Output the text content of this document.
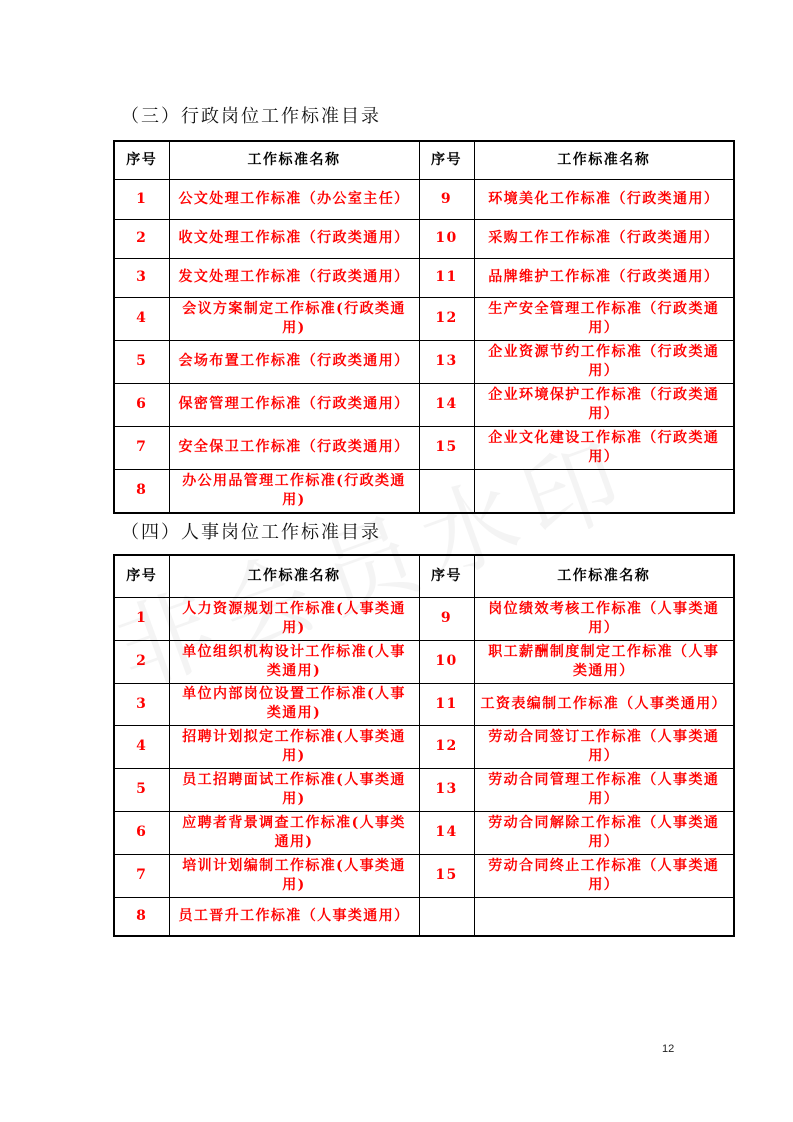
（三）行政岗位工作标准目录
序号	工作标准名称	序号	工作标准名称
1	公文处理工作标准（办公室主任）	9	环境美化工作标准（行政类通用）
2	收文处理工作标准（行政类通用）	10	采购工作工作标准（行政类通用）
3	发文处理工作标准（行政类通用）	11	品牌维护工作标准（行政类通用）
4	会议方案制定工作标准(行政类通用)	12	生产安全管理工作标准（行政类通用）
5	会场布置工作标准（行政类通用）	13	企业资源节约工作标准（行政类通用）
6	保密管理工作标准（行政类通用）	14	企业环境保护工作标准（行政类通用）
7	安全保卫工作标准（行政类通用）	15	企业文化建设工作标准（行政类通用）
8	办公用品管理工作标准(行政类通用)		
（四）人事岗位工作标准目录
序号	工作标准名称	序号	工作标准名称
1	人力资源规划工作标准(人事类通用)	9	岗位绩效考核工作标准（人事类通用）
2	单位组织机构设计工作标准(人事类通用)	10	职工薪酬制度制定工作标准（人事类通用）
3	单位内部岗位设置工作标准(人事类通用)	11	工资表编制工作标准（人事类通用）
4	招聘计划拟定工作标准(人事类通用)	12	劳动合同签订工作标准（人事类通用）
5	员工招聘面试工作标准(人事类通用)	13	劳动合同管理工作标准（人事类通用）
6	应聘者背景调查工作标准(人事类通用)	14	劳动合同解除工作标准（人事类通用）
7	培训计划编制工作标准(人事类通用)	15	劳动合同终止工作标准（人事类通用）
8	员工晋升工作标准（人事类通用）		
12
